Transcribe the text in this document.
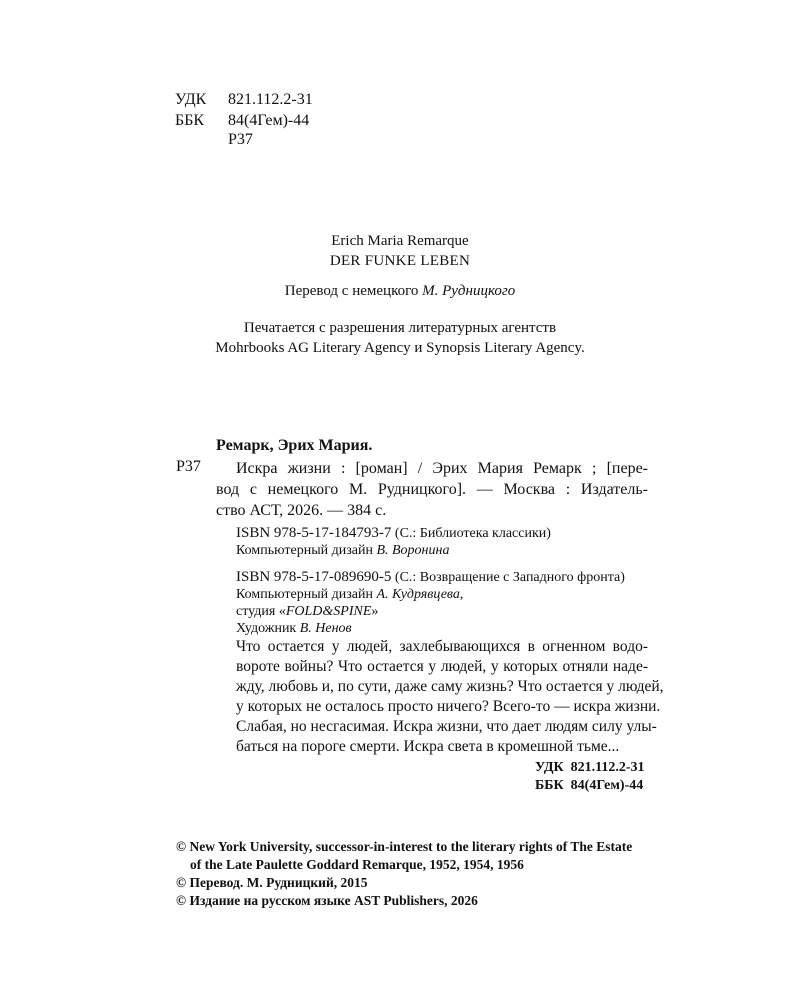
УДК 821.112.2-31
ББК 84(4Гем)-44
Р37
Erich Maria Remarque
DER FUNKE LEBEN
Перевод с немецкого М. Рудницкого
Печатается с разрешения литературных агентств
Mohrbooks AG Literary Agency и Synopsis Literary Agency.
Ремарк, Эрих Мария.
Р37 Искра жизни : [роман] / Эрих Мария Ремарк ; [пере-
вод с немецкого М. Рудницкого]. — Москва : Издатель-
ство АСТ, 2026. — 384 с.
ISBN 978-5-17-184793-7 (С.: Библиотека классики)
Компьютерный дизайн В. Воронина
ISBN 978-5-17-089690-5 (С.: Возвращение с Западного фронта)
Компьютерный дизайн А. Кудрявцева,
студия «FOLD&SPINE»
Художник В. Ненов
Что остается у людей, захлебывающихся в огненном водо-
вороте войны? Что остается у людей, у которых отняли наде-
жду, любовь и, по сути, даже саму жизнь? Что остается у людей,
у которых не осталось просто ничего? Всего-то — искра жизни.
Слабая, но несгасимая. Искра жизни, что дает людям силу улы-
баться на пороге смерти. Искра света в кромешной тьме...
УДК  821.112.2-31
ББК  84(4Гем)-44
© New York University, successor-in-interest to the literary rights of The Estate
of the Late Paulette Goddard Remarque, 1952, 1954, 1956
© Перевод. М. Рудницкий, 2015
© Издание на русском языке AST Publishers, 2026
